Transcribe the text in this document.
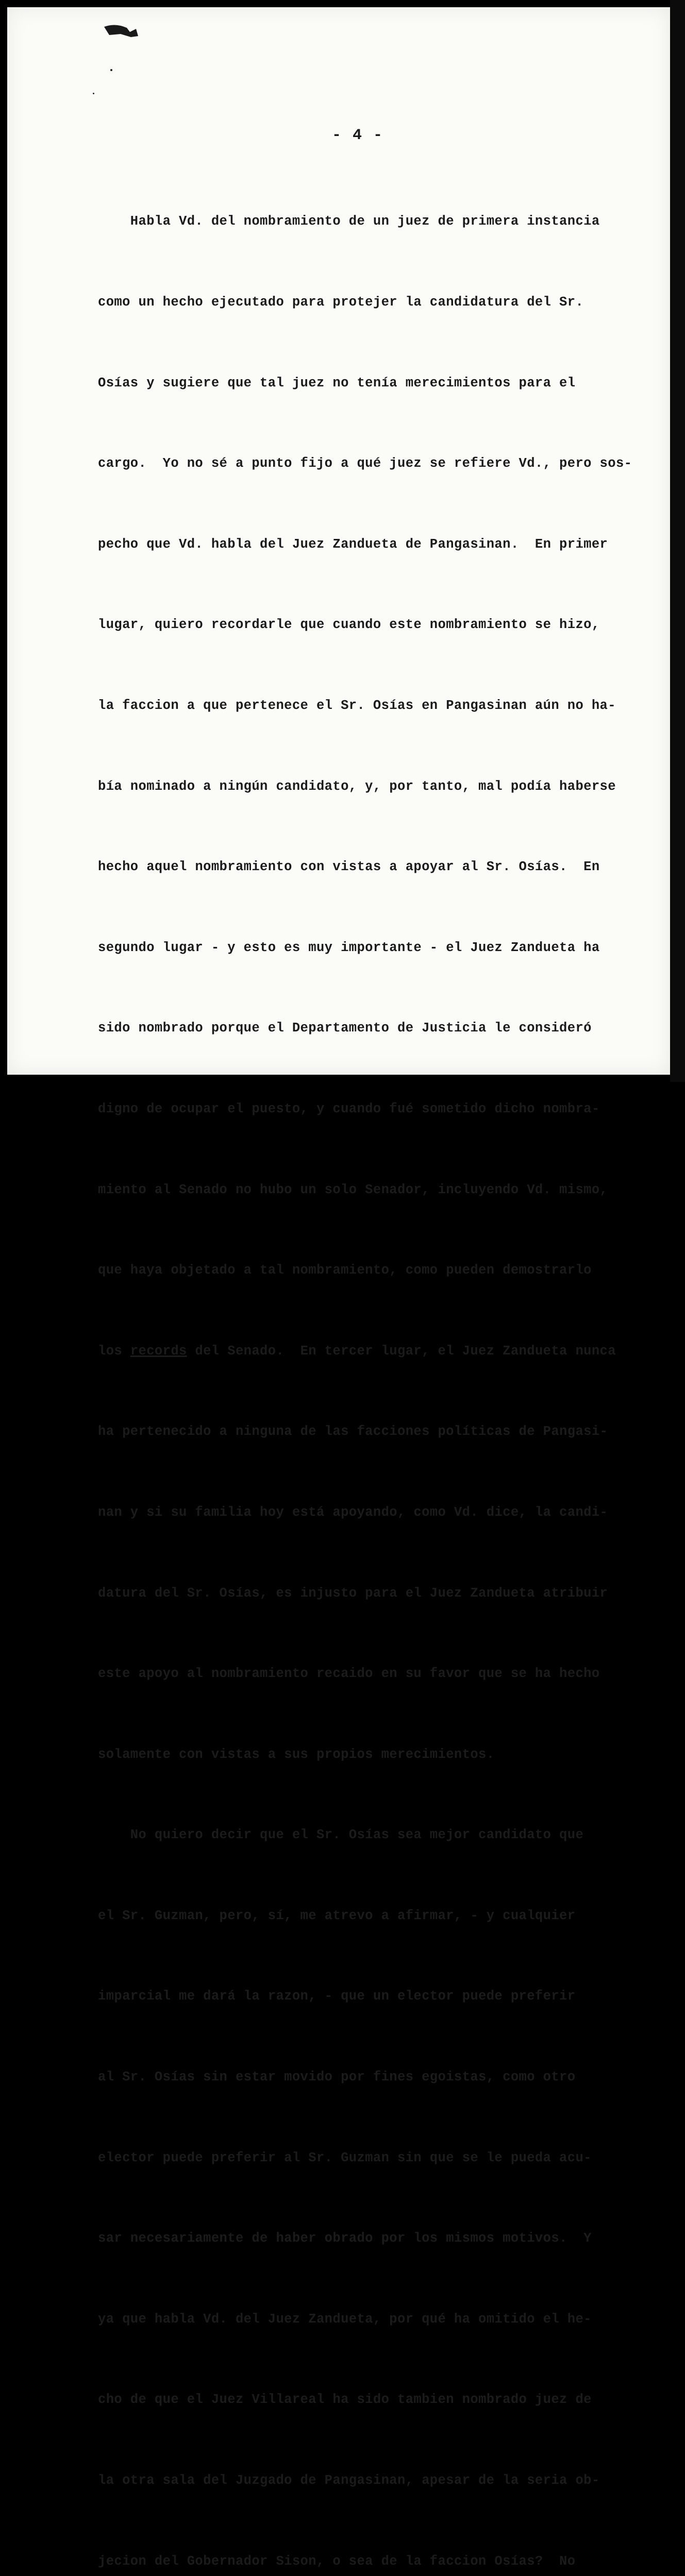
- 4 -

Habla Vd. del nombramiento de un juez de primera instancia

como un hecho ejecutado para protejer la candidatura del Sr.

Osías y sugiere que tal juez no tenía merecimientos para el

cargo.  Yo no sé a punto fijo a qué juez se refiere Vd., pero sos-

pecho que Vd. habla del Juez Zandueta de Pangasinan.  En primer

lugar, quiero recordarle que cuando este nombramiento se hizo,

la faccion a que pertenece el Sr. Osías en Pangasinan aún no ha-

bía nominado a ningún candidato, y, por tanto, mal podía haberse

hecho aquel nombramiento con vistas a apoyar al Sr. Osías.  En

segundo lugar - y esto es muy importante - el Juez Zandueta ha

sido nombrado porque el Departamento de Justicia le consideró

digno de ocupar el puesto, y cuando fué sometido dicho nombra-

miento al Senado no hubo un solo Senador, incluyendo Vd. mismo,

que haya objetado a tal nombramiento, como pueden demostrarlo

los records del Senado.  En tercer lugar, el Juez Zandueta nunca

ha pertenecido a ninguna de las facciones políticas de Pangasi-

nan y si su familia hoy está apoyando, como Vd. dice, la candi-

datura del Sr. Osías, es injusto para el Juez Zandueta atribuir

este apoyo al nombramiento recaido en su favor que se ha hecho

solamente con vistas a sus propios merecimientos.

No quiero decir que el Sr. Osías sea mejor candidato que

el Sr. Guzman, pero, sí, me atrevo a afirmar, - y cualquier

imparcial me dará la razon, - que un elector puede preferir

al Sr. Osías sin estar movido por fines egoistas, como otro

elector puede preferir al Sr. Guzman sin que se le pueda acu-

sar necesariamente de haber obrado por los mismos motivos.  Y

ya que habla Vd. del Juez Zandueta, por qué ha omitido el he-

cho de que el Juez Villareal ha sido tambien nombrado juez de

la otra sala del Juzgado de Pangasinan, apesar de la seria ob-

jecion del Gobernador Sison, o sea de la faccion Osías?  No
